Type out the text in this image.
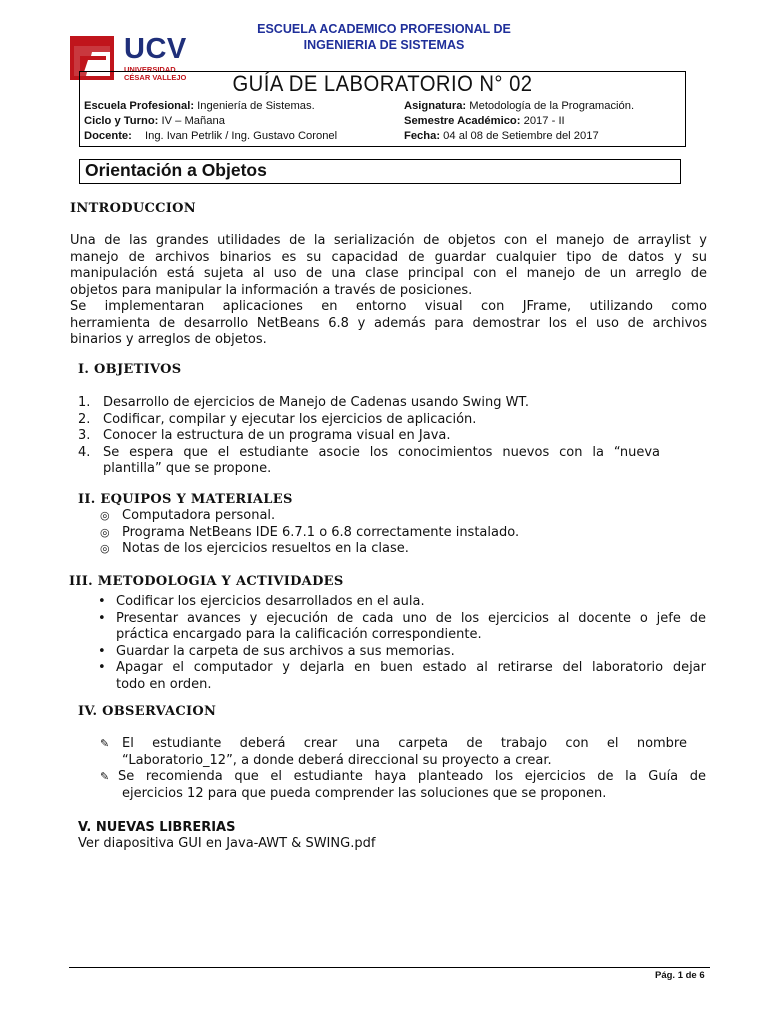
ESCUELA ACADEMICO PROFESIONAL DE
INGENIERIA DE SISTEMAS
UCV
UNIVERSIDAD
CÉSAR VALLEJO	GUÍA DE LABORATORIO N° 02
Escuela Profesional: Ingeniería de Sistemas.	Asignatura: Metodología de la Programación.
Ciclo y Turno: IV – Mañana	Semestre Académico: 2017 - II
Docente: Ing. Ivan Petrlik / Ing. Gustavo Coronel	Fecha: 04 al 08 de Setiembre del 2017
Orientación a Objetos
INTRODUCCION
Una de las grandes utilidades de la serialización de objetos con el manejo de arraylist y
manejo de archivos binarios es su capacidad de guardar cualquier tipo de datos y su
manipulación está sujeta al uso de una clase principal con el manejo de un arreglo de
objetos para manipular la información a través de posiciones.
Se implementaran aplicaciones en entorno visual con JFrame, utilizando como
herramienta de desarrollo NetBeans 6.8 y además para demostrar los el uso de archivos
binarios y arreglos de objetos.
I. OBJETIVOS
1. Desarrollo de ejercicios de Manejo de Cadenas usando Swing WT.
2. Codificar, compilar y ejecutar los ejercicios de aplicación.
3. Conocer la estructura de un programa visual en Java.
4. Se espera que el estudiante asocie los conocimientos nuevos con la “nueva
plantilla” que se propone.
II. EQUIPOS Y MATERIALES
◎ Computadora personal.
◎ Programa NetBeans IDE 6.7.1 o 6.8 correctamente instalado.
◎ Notas de los ejercicios resueltos en la clase.
III. METODOLOGIA Y ACTIVIDADES
• Codificar los ejercicios desarrollados en el aula.
• Presentar avances y ejecución de cada uno de los ejercicios al docente o jefe de
práctica encargado para la calificación correspondiente.
• Guardar la carpeta de sus archivos a sus memorias.
• Apagar el computador y dejarla en buen estado al retirarse del laboratorio dejar
todo en orden.
IV. OBSERVACION
✎ El estudiante deberá crear una carpeta de trabajo con el nombre
“Laboratorio_12”, a donde deberá direccional su proyecto a crear.
✎ Se recomienda que el estudiante haya planteado los ejercicios de la Guía de
ejercicios 12 para que pueda comprender las soluciones que se proponen.
V. NUEVAS LIBRERIAS
Ver diapositiva GUI en Java-AWT & SWING.pdf
Pág. 1 de 6
